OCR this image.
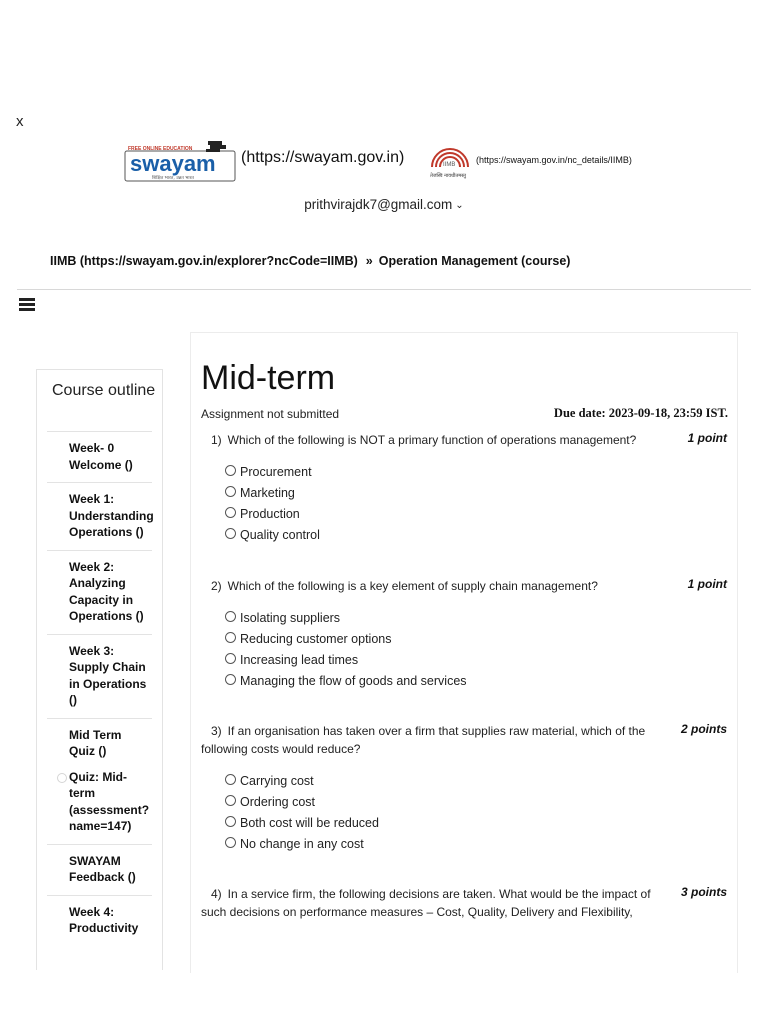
x
FREE ONLINE EDUCATION
swayam
शिक्षित भारत, उन्नत भारत
(https://swayam.gov.in)	IIMB
तेजस्वि नावधीतमस्तु
(https://swayam.gov.in/nc_details/IIMB)
prithvirajdk7@gmail.com ⌄
IIMB (https://swayam.gov.in/explorer?ncCode=IIMB) » Operation Management (course)
Course outline
Week- 0 Welcome ()
Week 1: Understanding Operations ()
Week 2: Analyzing Capacity in Operations ()
Week 3: Supply Chain in Operations ()
Mid Term Quiz ()
Quiz: Mid-term (assessment?name=147)
SWAYAM Feedback ()
Week 4: Productivity
Mid-term
Assignment not submitted	Due date: 2023-09-18, 23:59 IST.
1) Which of the following is NOT a primary function of operations management?	1 point
Procurement
Marketing
Production
Quality control
2) Which of the following is a key element of supply chain management?	1 point
Isolating suppliers
Reducing customer options
Increasing lead times
Managing the flow of goods and services
3) If an organisation has taken over a firm that supplies raw material, which of the following costs would reduce?
2 points
Carrying cost
Ordering cost
Both cost will be reduced
No change in any cost
4) In a service firm, the following decisions are taken. What would be the impact of such decisions on performance measures – Cost, Quality, Delivery and Flexibility,
3 points
